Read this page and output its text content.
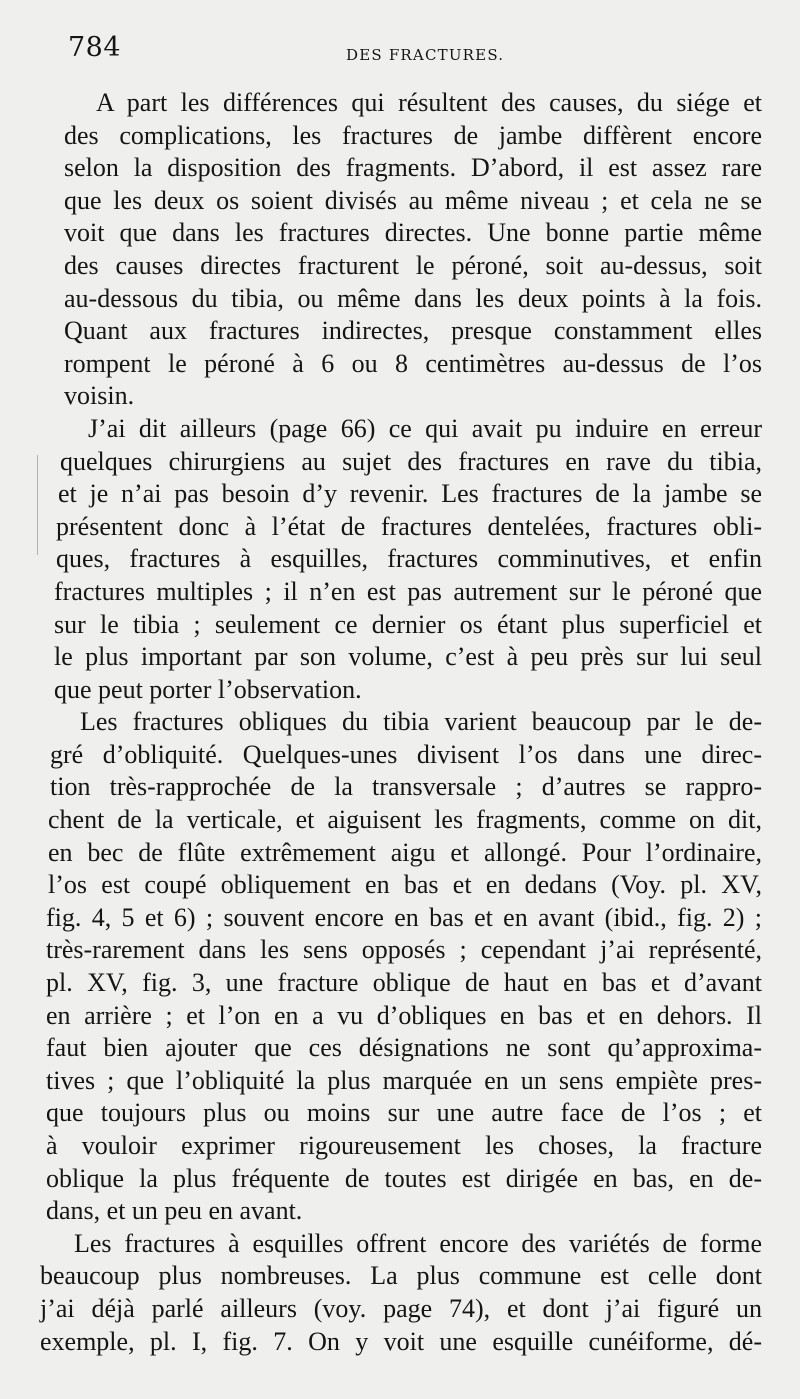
784	DES FRACTURES.

A part les différences qui résultent des causes, du siége et
des complications, les fractures de jambe diffèrent encore
selon la disposition des fragments. D’abord, il est assez rare
que les deux os soient divisés au même niveau ; et cela ne se
voit que dans les fractures directes. Une bonne partie même
des causes directes fracturent le péroné, soit au-dessus, soit
au-dessous du tibia, ou même dans les deux points à la fois.
Quant aux fractures indirectes, presque constamment elles
rompent le péroné à 6 ou 8 centimètres au-dessus de l’os
voisin.

J’ai dit ailleurs (page 66) ce qui avait pu induire en erreur
quelques chirurgiens au sujet des fractures en rave du tibia,
et je n’ai pas besoin d’y revenir. Les fractures de la jambe se
présentent donc à l’état de fractures dentelées, fractures obli-
ques, fractures à esquilles, fractures comminutives, et enfin
fractures multiples ; il n’en est pas autrement sur le péroné que
sur le tibia ; seulement ce dernier os étant plus superficiel et
le plus important par son volume, c’est à peu près sur lui seul
que peut porter l’observation.

Les fractures obliques du tibia varient beaucoup par le de-
gré d’obliquité. Quelques-unes divisent l’os dans une direc-
tion très-rapprochée de la transversale ; d’autres se rappro-
chent de la verticale, et aiguisent les fragments, comme on dit,
en bec de flûte extrêmement aigu et allongé. Pour l’ordinaire,
l’os est coupé obliquement en bas et en dedans (Voy. pl. XV,
fig. 4, 5 et 6) ; souvent encore en bas et en avant (ibid., fig. 2) ;
très-rarement dans les sens opposés ; cependant j’ai représenté,
pl. XV, fig. 3, une fracture oblique de haut en bas et d’avant
en arrière ; et l’on en a vu d’obliques en bas et en dehors. Il
faut bien ajouter que ces désignations ne sont qu’approxima-
tives ; que l’obliquité la plus marquée en un sens empiète pres-
que toujours plus ou moins sur une autre face de l’os ; et
à vouloir exprimer rigoureusement les choses, la fracture
oblique la plus fréquente de toutes est dirigée en bas, en de-
dans, et un peu en avant.

Les fractures à esquilles offrent encore des variétés de forme
beaucoup plus nombreuses. La plus commune est celle dont
j’ai déjà parlé ailleurs (voy. page 74), et dont j’ai figuré un
exemple, pl. I, fig. 7. On y voit une esquille cunéiforme, dé-
